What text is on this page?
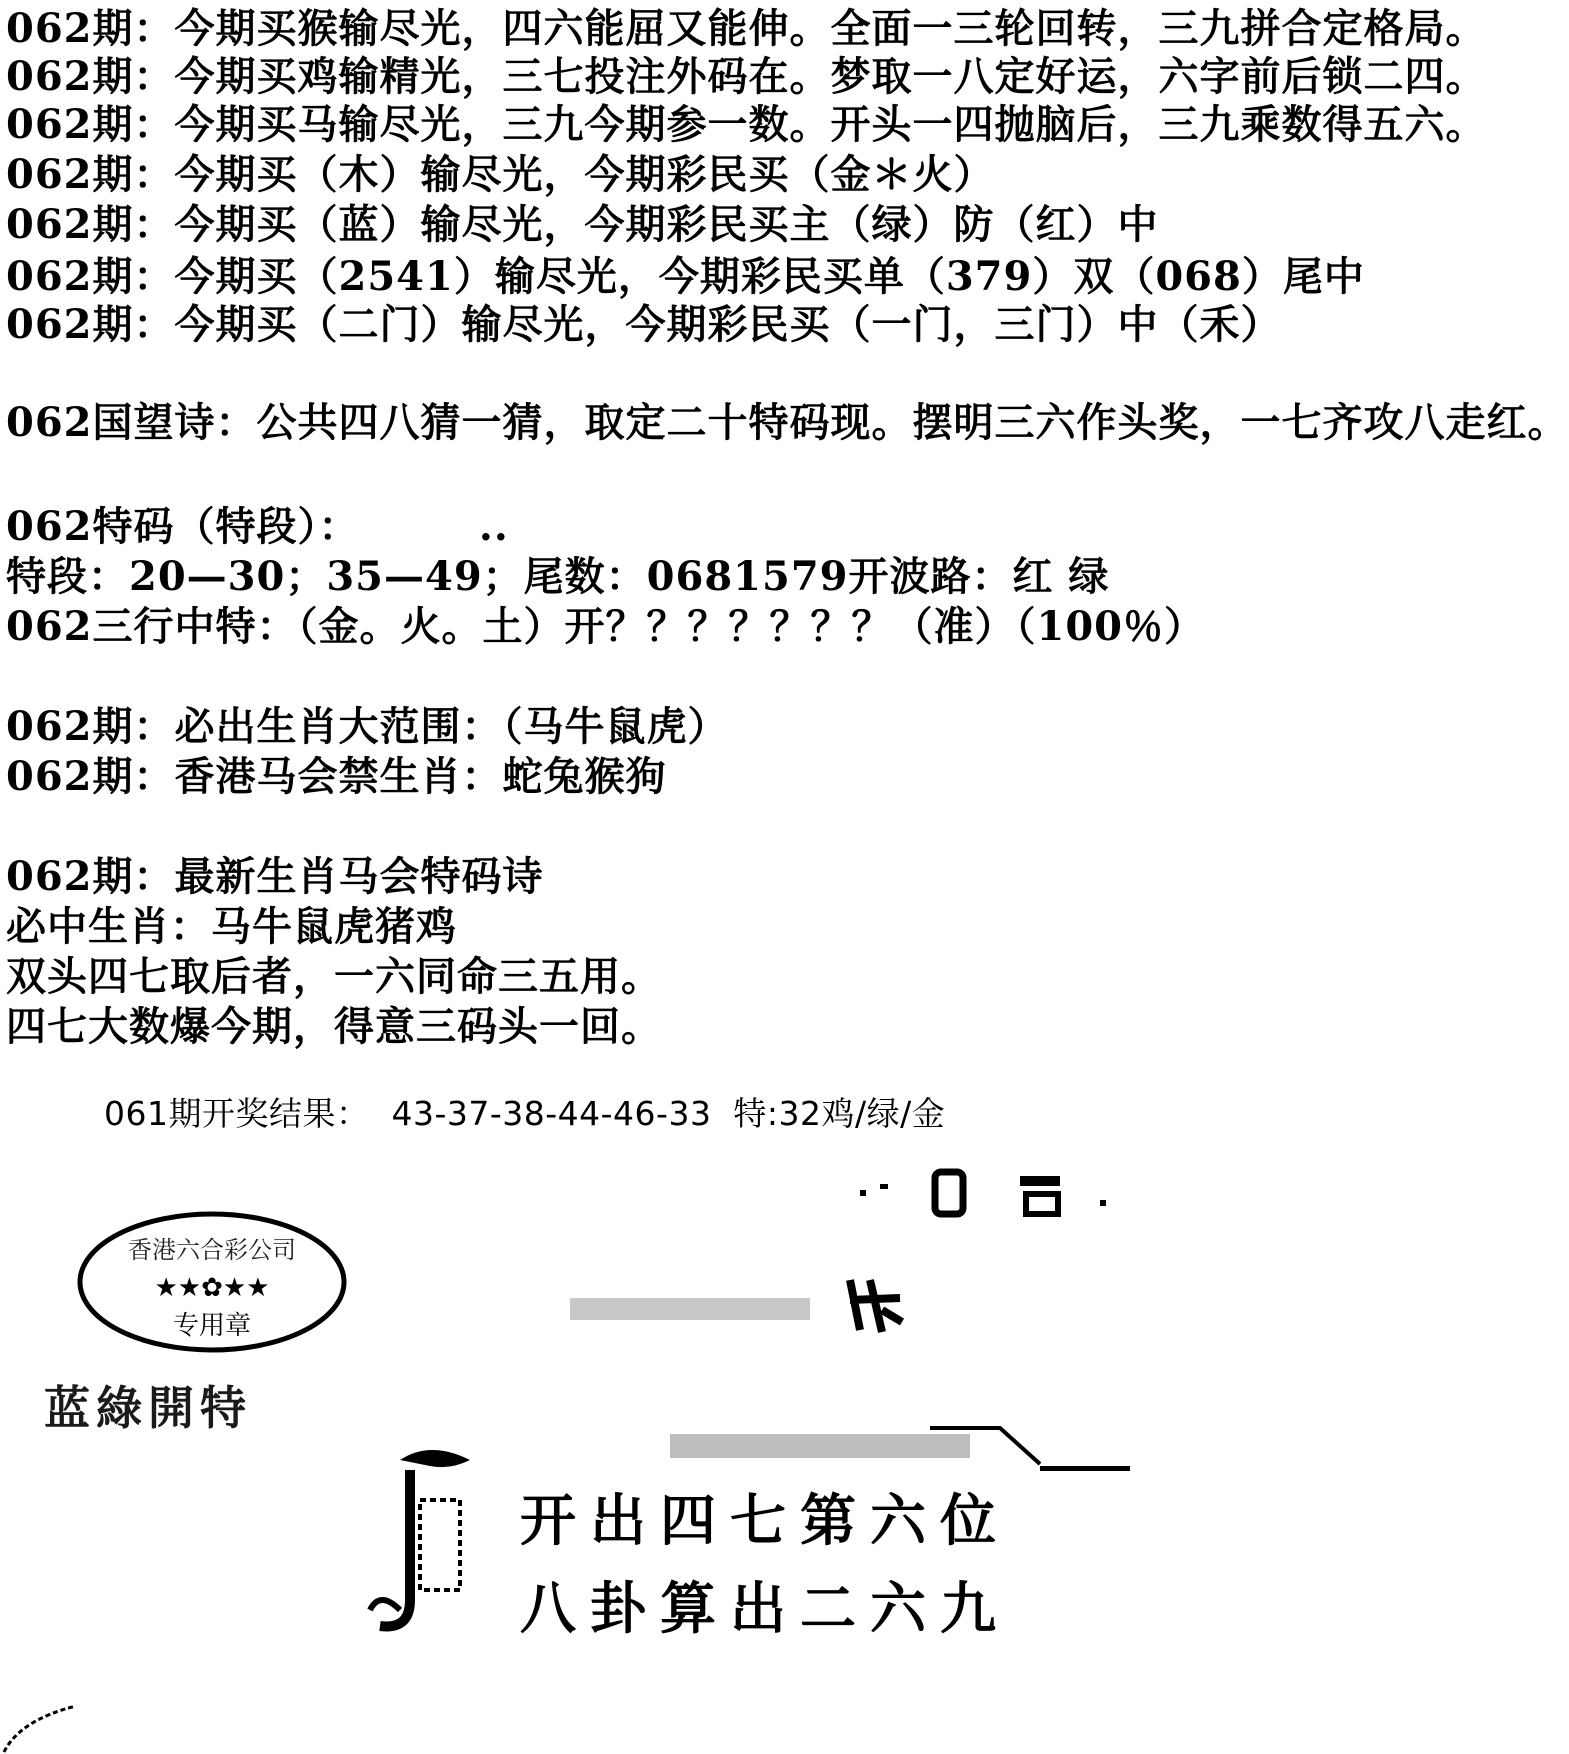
062期：今期买猴输尽光，四六能屈又能伸。全面一三轮回转，三九拼合定格局。
062期：今期买鸡输精光，三七投注外码在。梦取一八定好运，六字前后锁二四。
062期：今期买马输尽光，三九今期参一数。开头一四抛脑后，三九乘数得五六。
062期：今期买（木）输尽光，今期彩民买（金＊火）
062期：今期买（蓝）输尽光，今期彩民买主（绿）防（红）中
062期：今期买（2541）输尽光，今期彩民买单（379）双（068）尾中
062期：今期买（二门）输尽光，今期彩民买（一门，三门）中（禾）
062国望诗：公共四八猜一猜，取定二十特码现。摆明三六作头奖，一七齐攻八走红。
062特码（特段）：        ..
特段：20—30；35—49；尾数：0681579开波路：红 绿
062三行中特：（金。火。土）开？？？？？？？（准）（100％）
062期：必出生肖大范围：（马牛鼠虎）
062期：香港马会禁生肖：蛇兔猴狗
062期：最新生肖马会特码诗
必中生肖：马牛鼠虎猪鸡
双头四七取后者，一六同命三五用。
四七大数爆今期，得意三码头一回。
061期开奖结果：  43-37-38-44-46-33  特:32鸡/绿/金
香港六合彩公司
★★✿★★
专用章
蓝綠開特
开出四七第六位
八卦算出二六九
